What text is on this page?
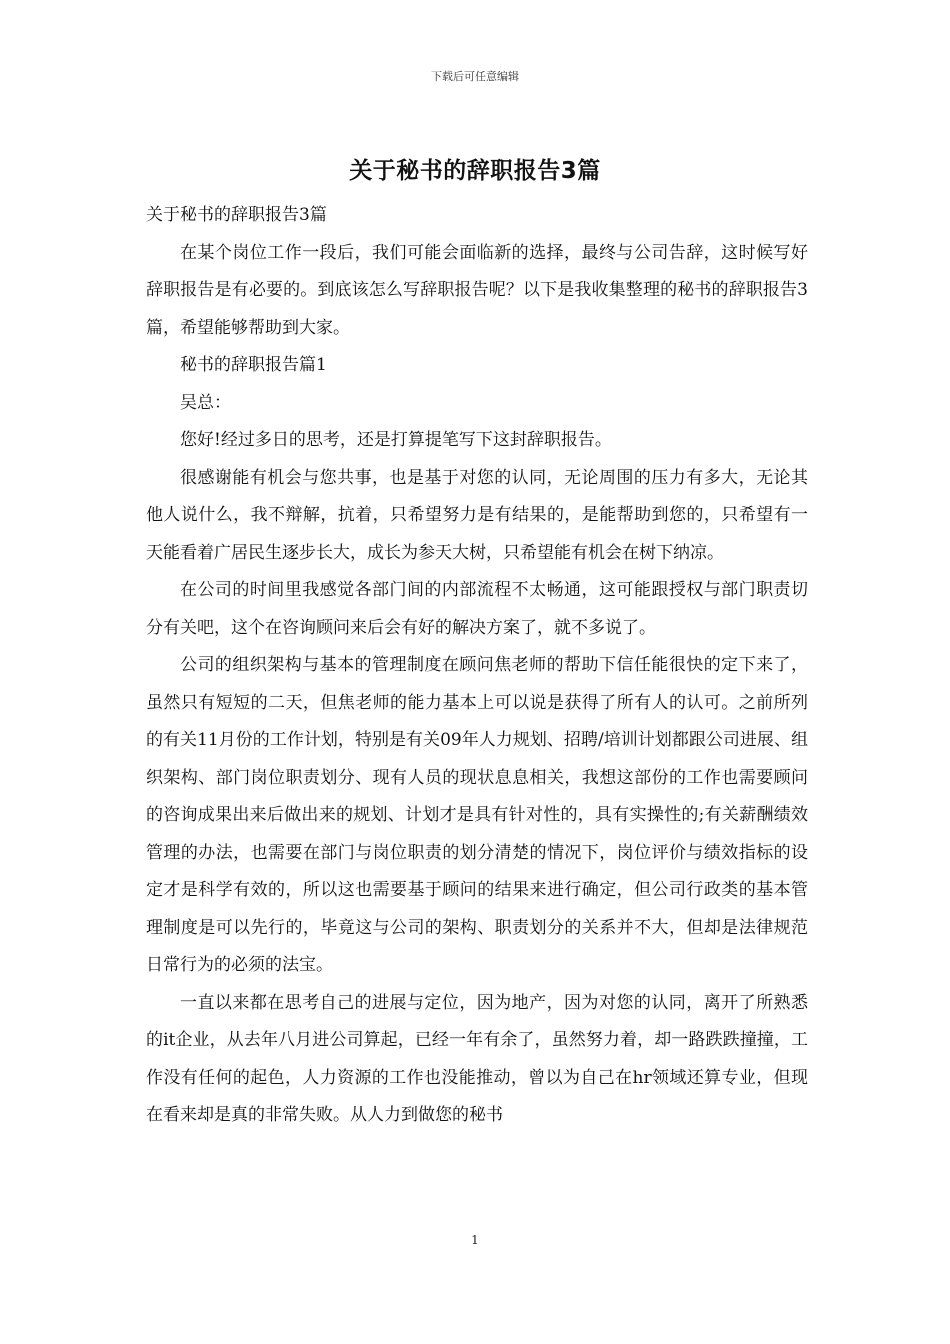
下载后可任意编辑
关于秘书的辞职报告3篇

关于秘书的辞职报告3篇

在某个岗位工作一段后，我们可能会面临新的选择，最终与公司告辞，这时候写好辞职报告是有必要的。到底该怎么写辞职报告呢？以下是我收集整理的秘书的辞职报告3篇，希望能够帮助到大家。

秘书的辞职报告篇1

吴总：

您好!经过多日的思考，还是打算提笔写下这封辞职报告。

很感谢能有机会与您共事，也是基于对您的认同，无论周围的压力有多大，无论其他人说什么，我不辩解，抗着，只希望努力是有结果的，是能帮助到您的，只希望有一天能看着广居民生逐步长大，成长为参天大树，只希望能有机会在树下纳凉。

在公司的时间里我感觉各部门间的内部流程不太畅通，这可能跟授权与部门职责切分有关吧，这个在咨询顾问来后会有好的解决方案了，就不多说了。

公司的组织架构与基本的管理制度在顾问焦老师的帮助下信任能很快的定下来了，虽然只有短短的二天，但焦老师的能力基本上可以说是获得了所有人的认可。之前所列的有关11月份的工作计划，特别是有关09年人力规划、招聘/培训计划都跟公司进展、组织架构、部门岗位职责划分、现有人员的现状息息相关，我想这部份的工作也需要顾问的咨询成果出来后做出来的规划、计划才是具有针对性的，具有实操性的;有关薪酬绩效管理的办法，也需要在部门与岗位职责的划分清楚的情况下，岗位评价与绩效指标的设定才是科学有效的，所以这也需要基于顾问的结果来进行确定，但公司行政类的基本管理制度是可以先行的，毕竟这与公司的架构、职责划分的关系并不大，但却是法律规范日常行为的必须的法宝。

一直以来都在思考自己的进展与定位，因为地产，因为对您的认同，离开了所熟悉的it企业，从去年八月进公司算起，已经一年有余了，虽然努力着，却一路跌跌撞撞，工作没有任何的起色，人力资源的工作也没能推动，曾以为自己在hr领域还算专业，但现在看来却是真的非常失败。从人力到做您的秘书

1
